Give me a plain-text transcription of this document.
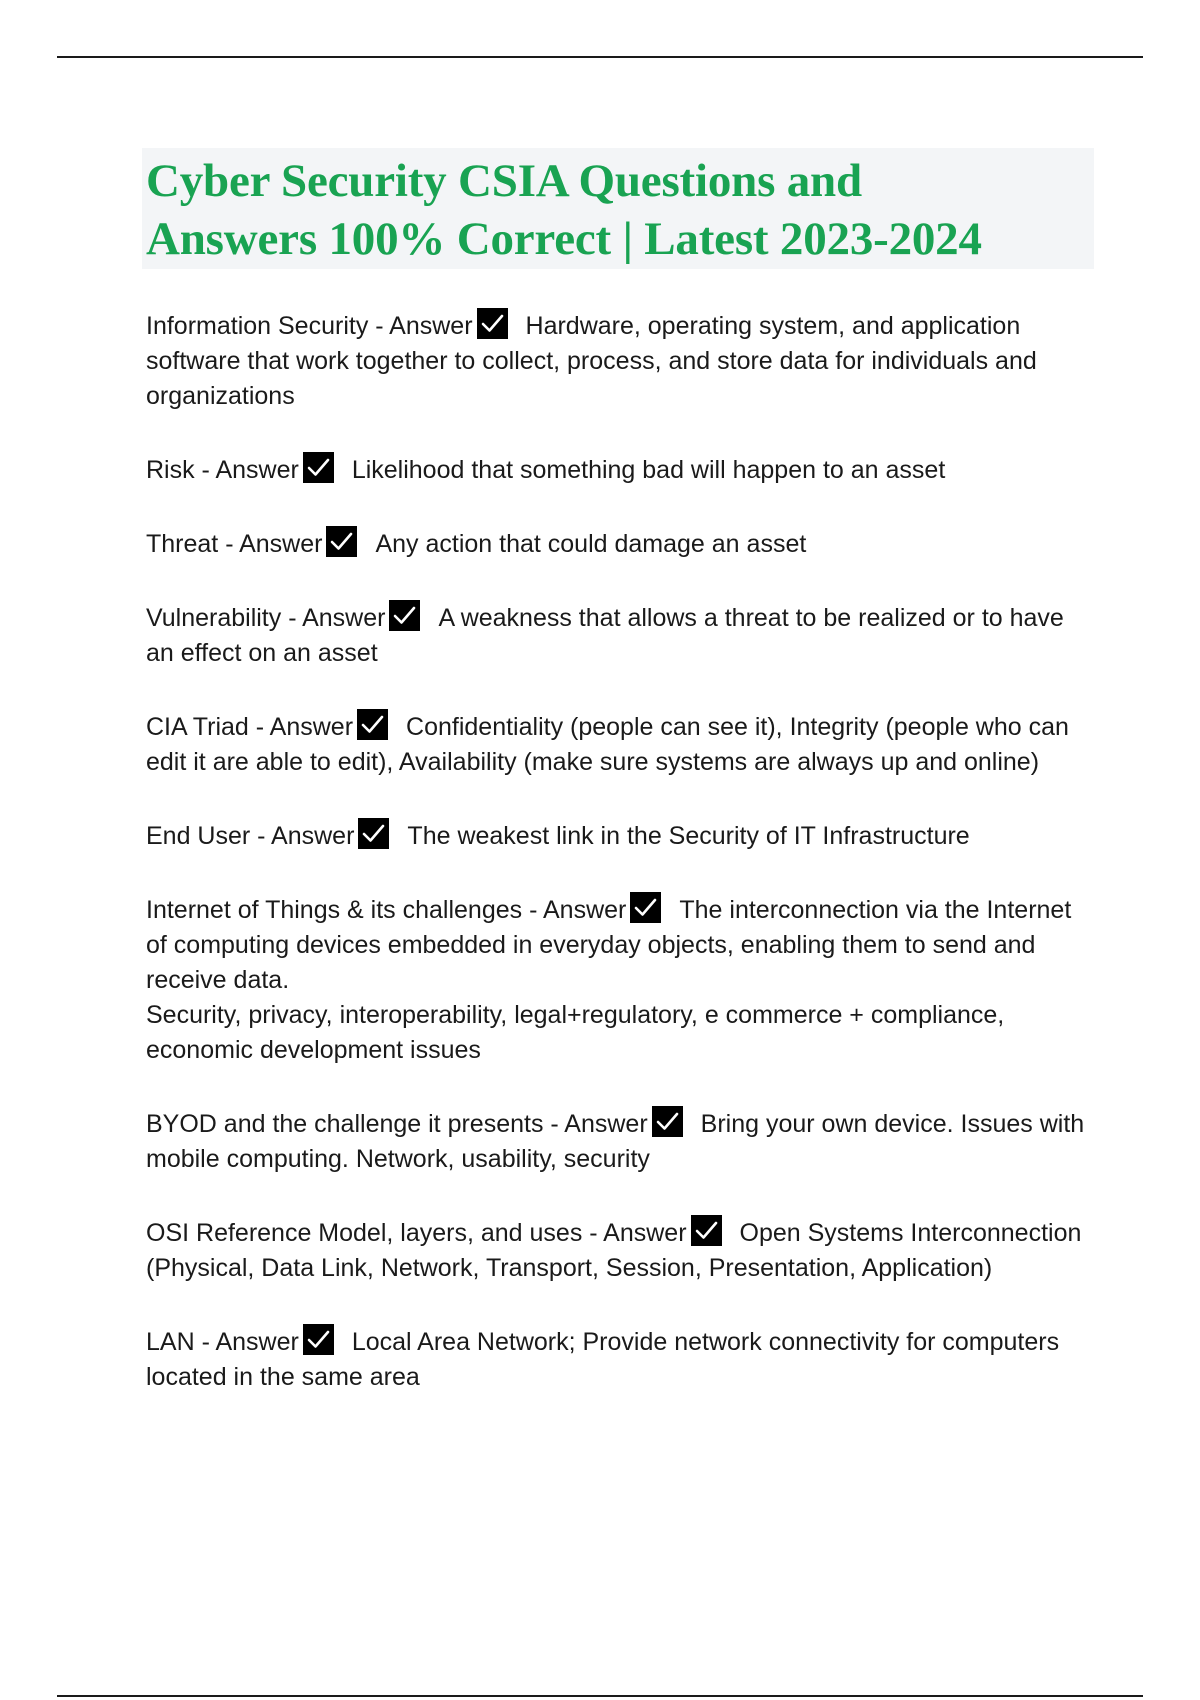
Cyber Security CSIA Questions and
Answers 100% Correct | Latest 2023-2024

Information Security - Answer Hardware, operating system, and application software that work together to collect, process, and store data for individuals and organizations

Risk - Answer Likelihood that something bad will happen to an asset

Threat - Answer Any action that could damage an asset

Vulnerability - Answer A weakness that allows a threat to be realized or to have an effect on an asset

CIA Triad - Answer Confidentiality (people can see it), Integrity (people who can edit it are able to edit), Availability (make sure systems are always up and online)

End User - Answer The weakest link in the Security of IT Infrastructure

Internet of Things & its challenges - Answer The interconnection via the Internet of computing devices embedded in everyday objects, enabling them to send and receive data.
Security, privacy, interoperability, legal+regulatory, e commerce + compliance, economic development issues

BYOD and the challenge it presents - Answer Bring your own device. Issues with mobile computing. Network, usability, security

OSI Reference Model, layers, and uses - Answer Open Systems Interconnection (Physical, Data Link, Network, Transport, Session, Presentation, Application)

LAN - Answer Local Area Network; Provide network connectivity for computers located in the same area
